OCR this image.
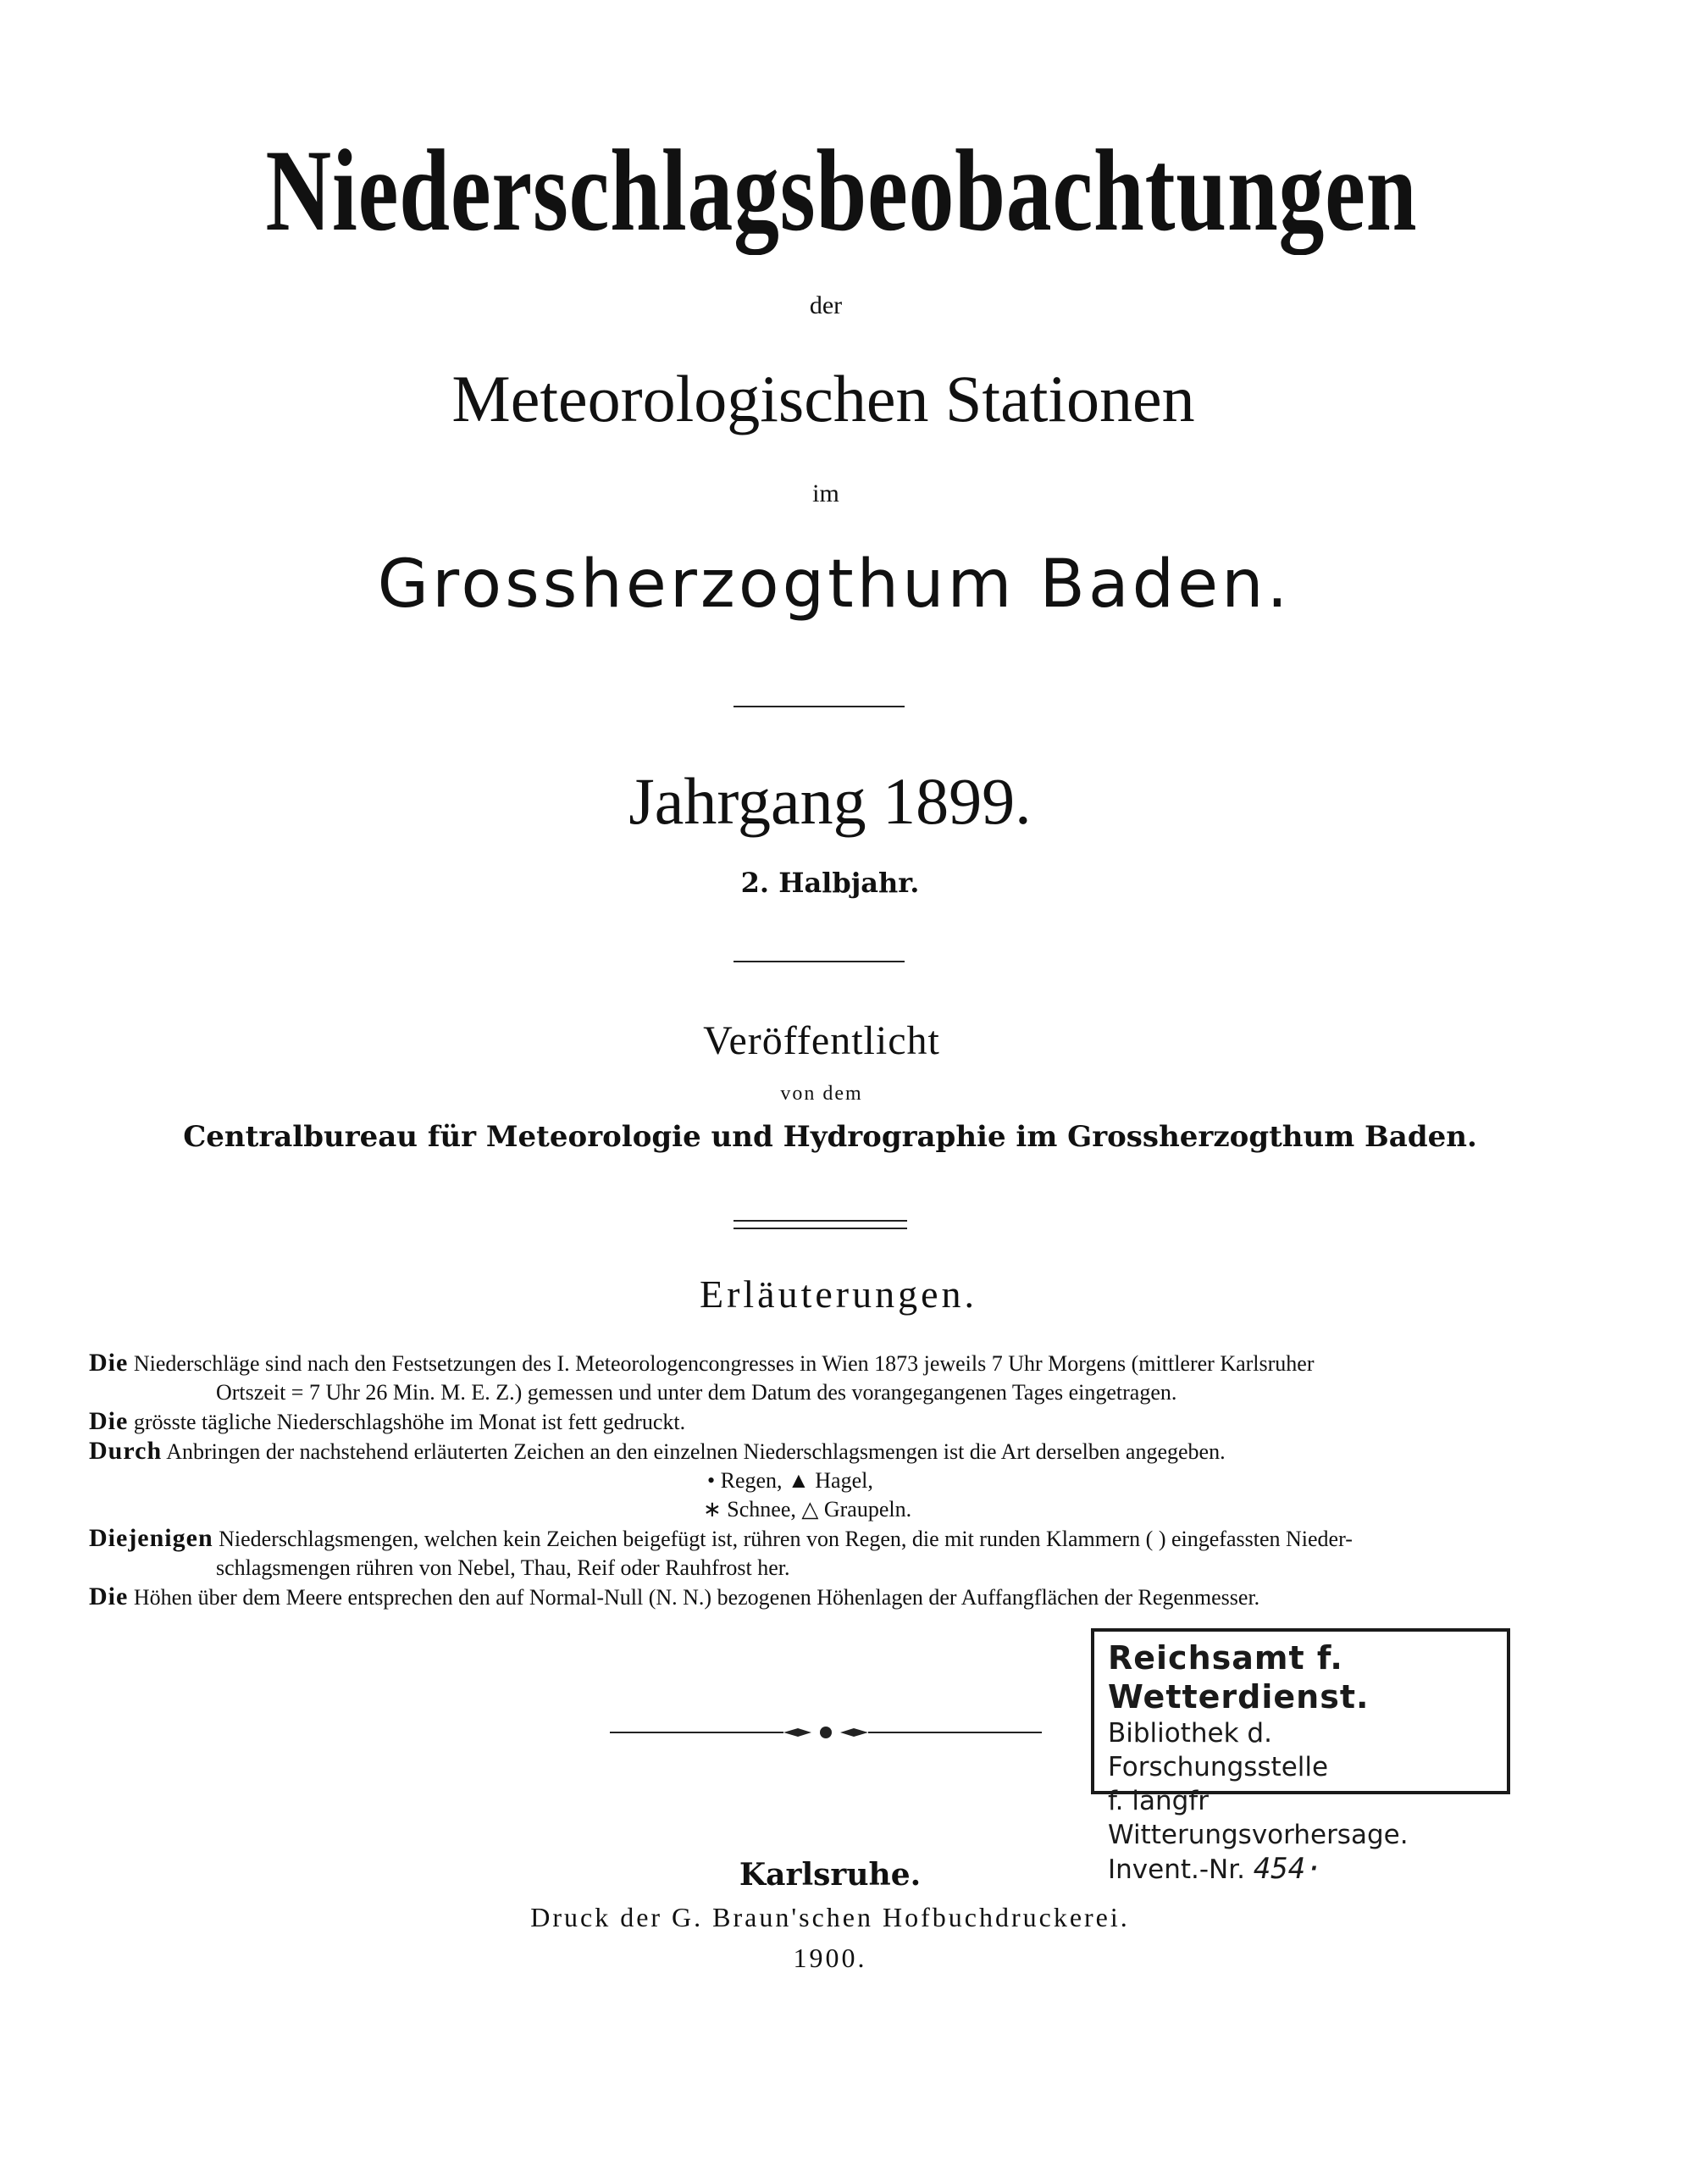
Niederschlagsbeobachtungen
der
Meteorologischen Stationen
im
Grossherzogthum Baden.
Jahrgang 1899.
2. Halbjahr.
Veröffentlicht
von dem
Centralbureau für Meteorologie und Hydrographie im Grossherzogthum Baden.
Erläuterungen.

Die Niederschläge sind nach den Festsetzungen des I. Meteorologencongresses in Wien 1873 jeweils 7 Uhr Morgens (mittlerer Karlsruher

Ortszeit = 7 Uhr 26 Min. M. E. Z.) gemessen und unter dem Datum des vorangegangenen Tages eingetragen.

Die grösste tägliche Niederschlagshöhe im Monat ist fett gedruckt.

Durch Anbringen der nachstehend erläuterten Zeichen an den einzelnen Niederschlagsmengen ist die Art derselben angegeben.

• Regen, ▲ Hagel,

∗ Schnee, △ Graupeln.

Diejenigen Niederschlagsmengen, welchen kein Zeichen beigefügt ist, rühren von Regen, die mit runden Klammern ( ) eingefassten Nieder-

schlagsmengen rühren von Nebel, Thau, Reif oder Rauhfrost her.

Die Höhen über dem Meere entsprechen den auf Normal-Null (N. N.) bezogenen Höhenlagen der Auffangflächen der Regenmesser.

Reichsamt f. Wetterdienst.
Bibliothek d. Forschungsstelle
f. langfr Witterungsvorhersage.
Invent.-Nr. 454·
Karlsruhe.
Druck der G. Braun'schen Hofbuchdruckerei.
1900.
